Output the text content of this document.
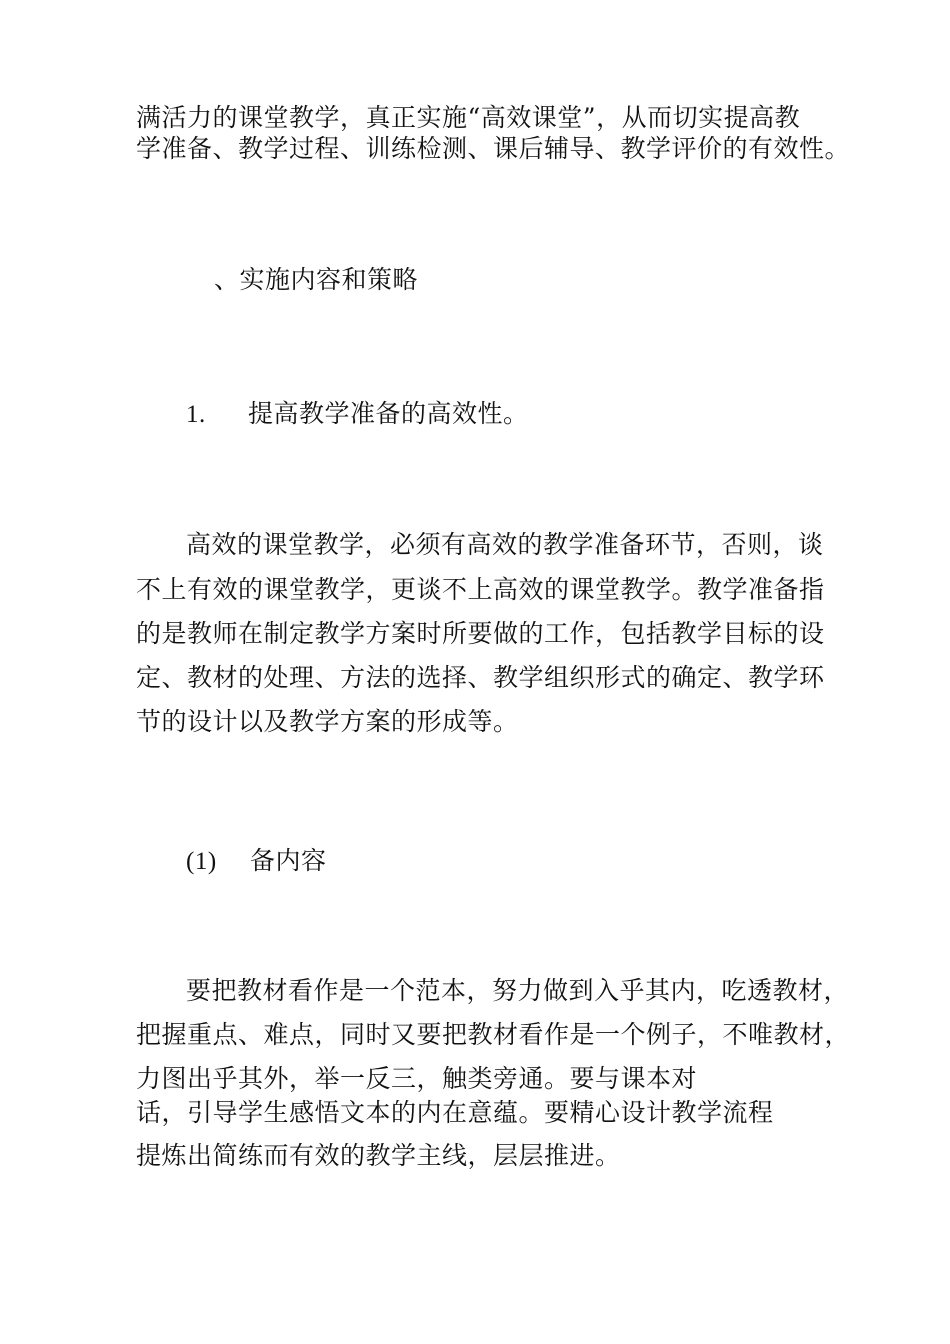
满活力的课堂教学，真正实施“高效课堂”，从而切实提高教
学准备、教学过程、训练检测、课后辅导、教学评价的有效性。
、实施内容和策略
1. 提高教学准备的高效性。
高效的课堂教学，必须有高效的教学准备环节，否则，谈
不上有效的课堂教学，更谈不上高效的课堂教学。教学准备指
的是教师在制定教学方案时所要做的工作，包括教学目标的设
定、教材的处理、方法的选择、教学组织形式的确定、教学环
节的设计以及教学方案的形成等。
(1) 备内容
要把教材看作是一个范本，努力做到入乎其内，吃透教材，
把握重点、难点，同时又要把教材看作是一个例子，不唯教材，
力图出乎其外，举一反三，触类旁通。要与课本对
话，引导学生感悟文本的内在意蕴。要精心设计教学流程
提炼出简练而有效的教学主线，层层推进。
